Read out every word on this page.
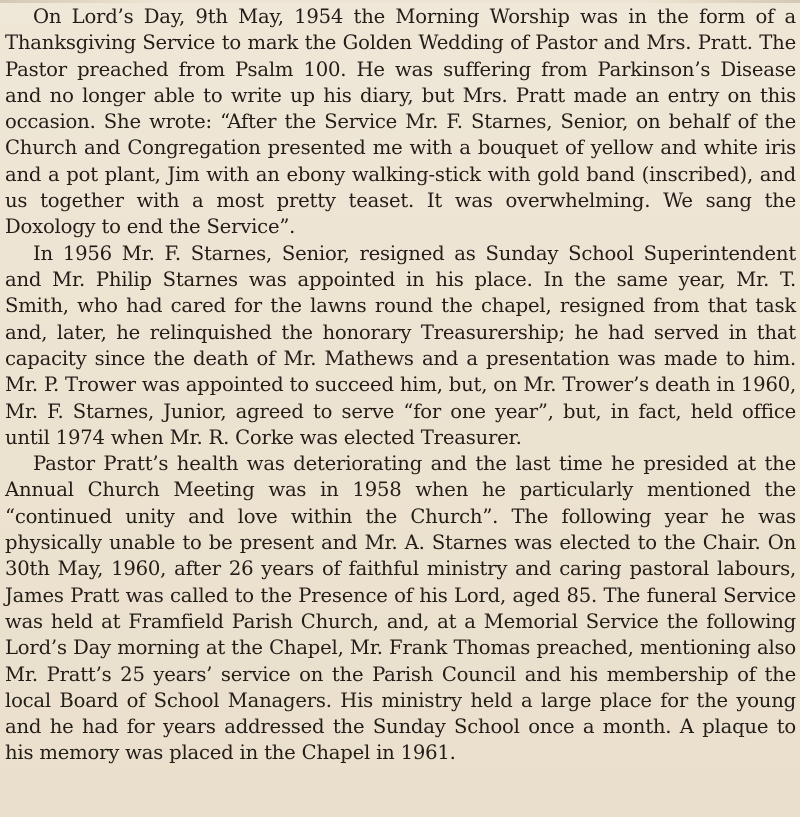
On Lord’s Day, 9th May, 1954 the Morning Worship was in the form of a Thanksgiving Service to mark the Golden Wedding of Pastor and Mrs. Pratt. The Pastor preached from Psalm 100. He was suffering from Parkinson’s Disease and no longer able to write up his diary, but Mrs. Pratt made an entry on this occasion. She wrote: “After the Service Mr. F. Starnes, Senior, on behalf of the Church and Congregation presented me with a bouquet of yellow and white iris and a pot plant, Jim with an ebony walking-stick with gold band (inscribed), and us together with a most pretty teaset. It was overwhelming. We sang the Doxology to end the Service”.

In 1956 Mr. F. Starnes, Senior, resigned as Sunday School Superintendent and Mr. Philip Starnes was appointed in his place. In the same year, Mr. T. Smith, who had cared for the lawns round the chapel, resigned from that task and, later, he relinquished the honorary Treasurership; he had served in that capacity since the death of Mr. Mathews and a presentation was made to him. Mr. P. Trower was appointed to succeed him, but, on Mr. Trower’s death in 1960, Mr. F. Starnes, Junior, agreed to serve “for one year”, but, in fact, held office until 1974 when Mr. R. Corke was elected Treasurer.

Pastor Pratt’s health was deteriorating and the last time he presided at the Annual Church Meeting was in 1958 when he particularly mentioned the “continued unity and love within the Church”. The following year he was physically unable to be present and Mr. A. Starnes was elected to the Chair. On 30th May, 1960, after 26 years of faithful ministry and caring pastoral labours, James Pratt was called to the Presence of his Lord, aged 85. The funeral Service was held at Framfield Parish Church, and, at a Memorial Service the following Lord’s Day morning at the Chapel, Mr. Frank Thomas preached, mentioning also Mr. Pratt’s 25 years’ service on the Parish Council and his membership of the local Board of School Managers. His ministry held a large place for the young and he had for years addressed the Sunday School once a month. A plaque to his memory was placed in the Chapel in 1961.
